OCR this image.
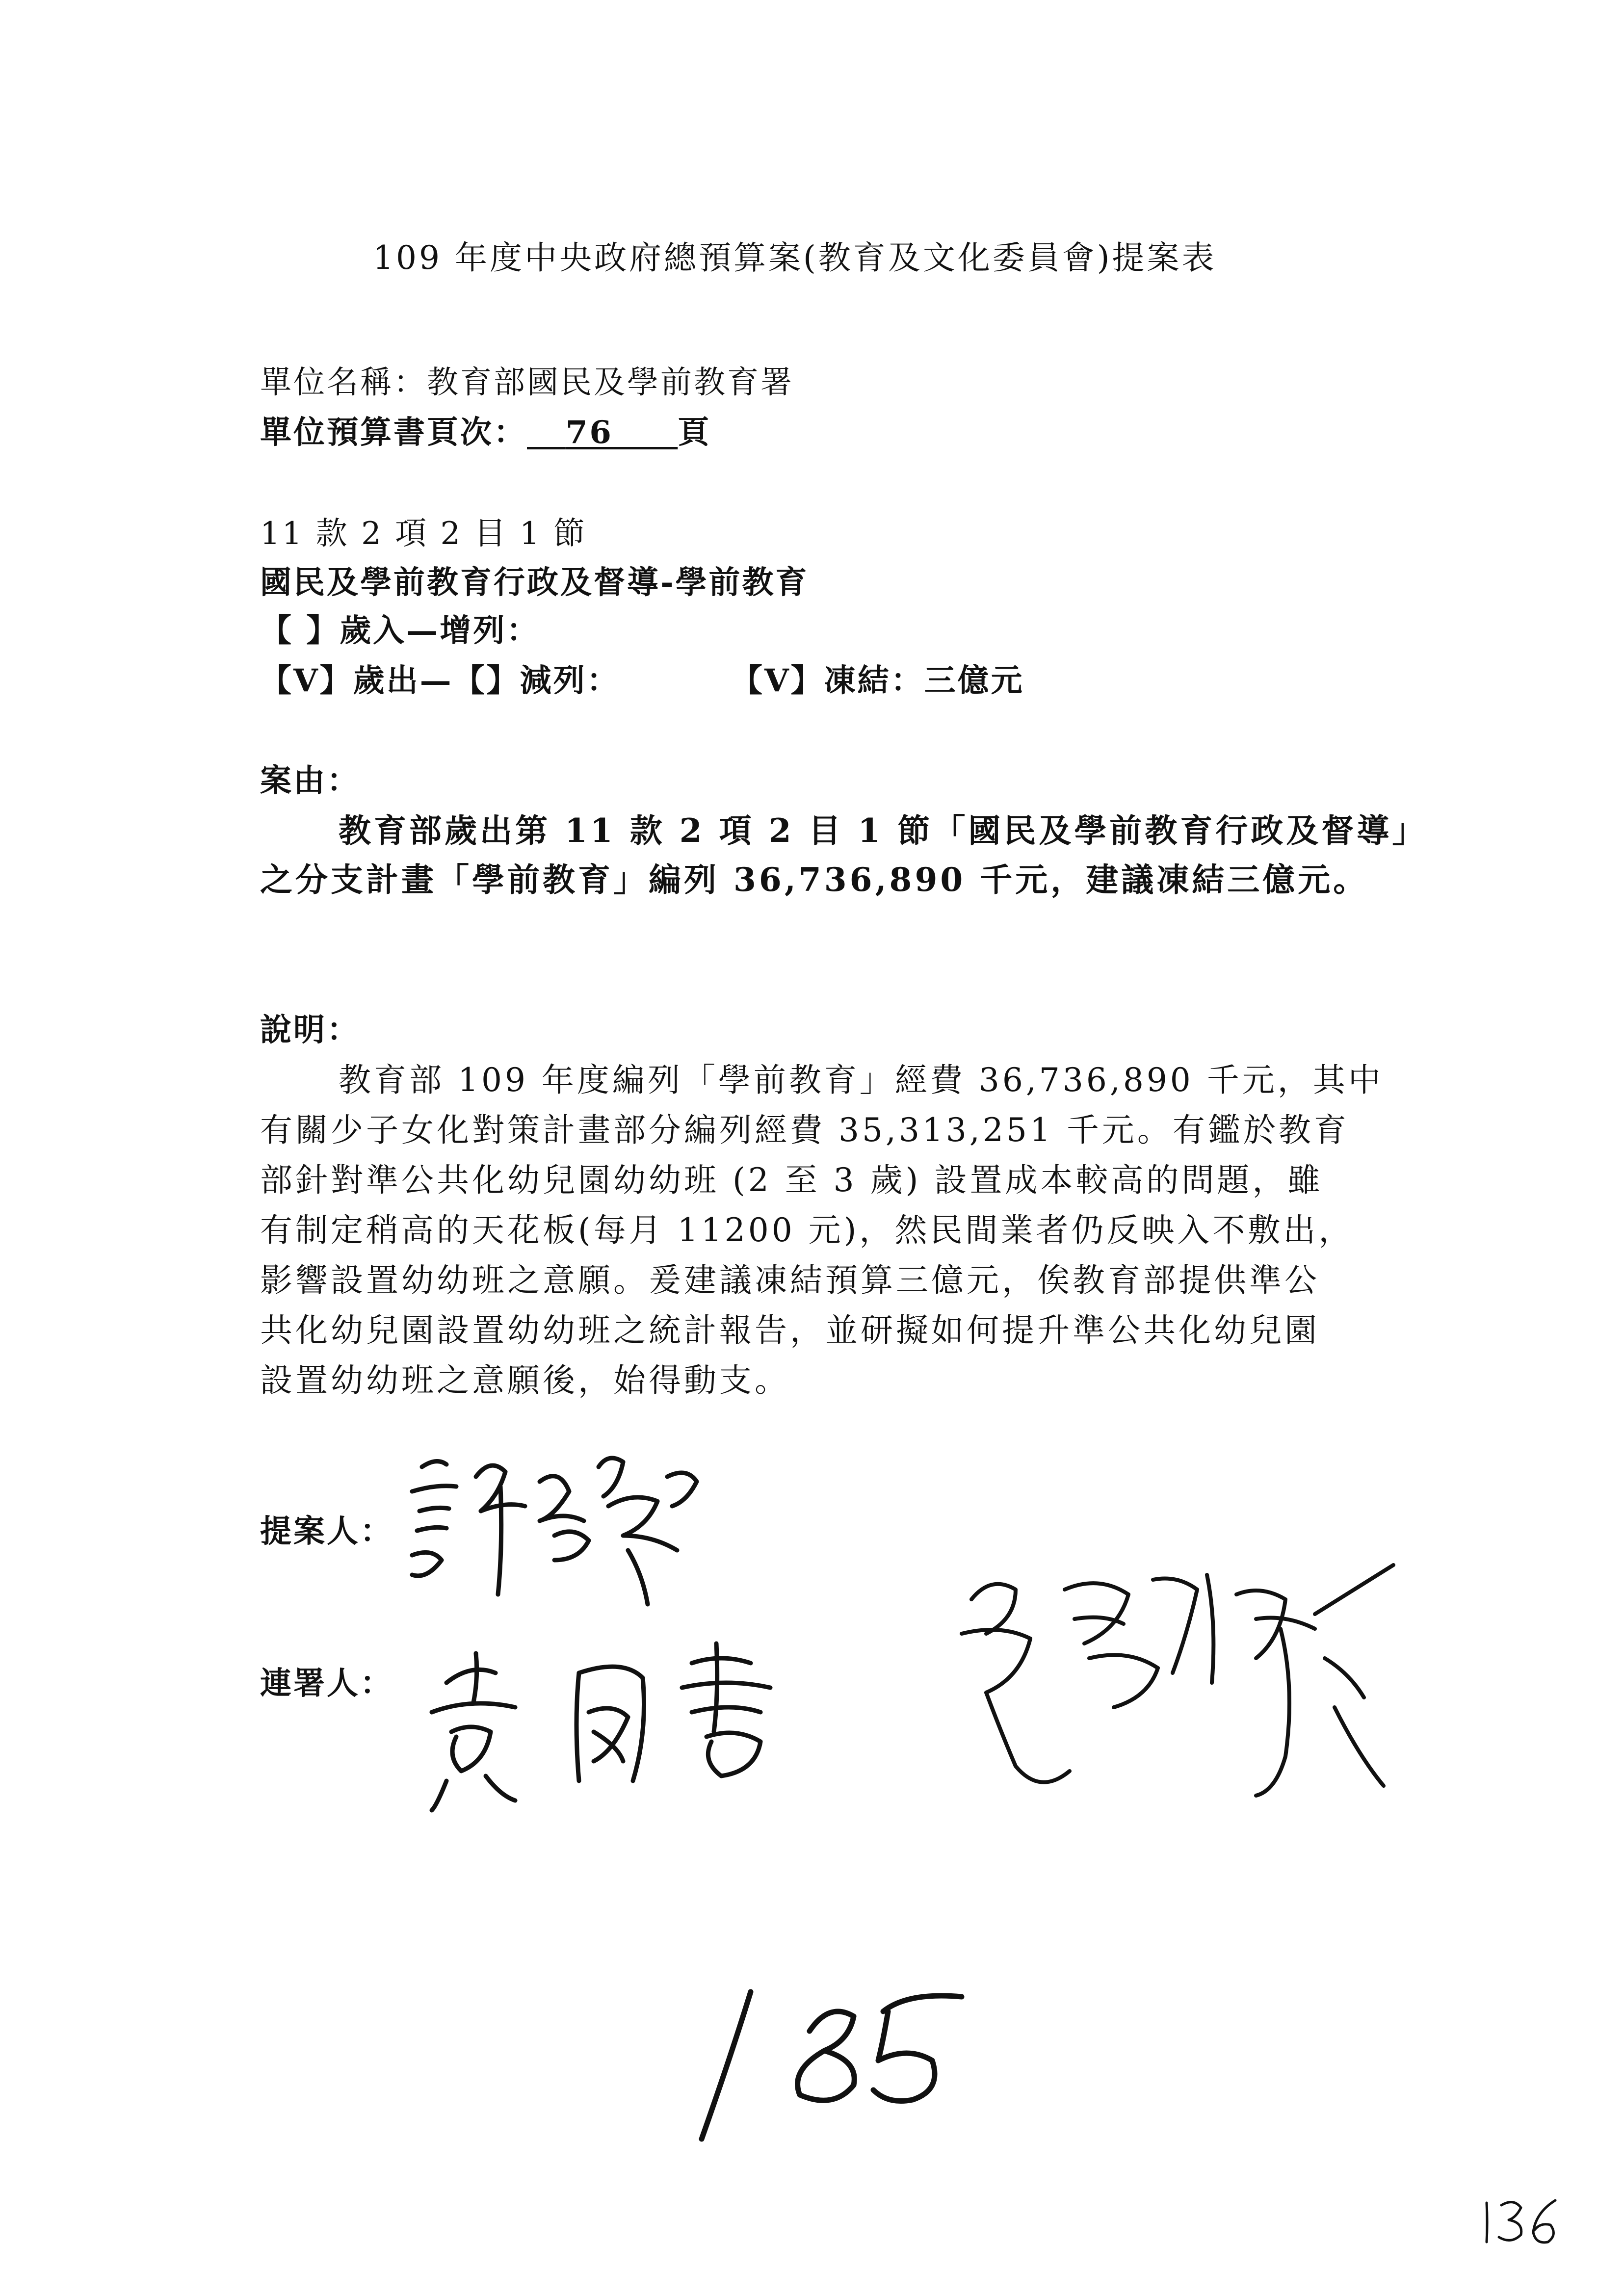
109 年度中央政府總預算案(教育及文化委員會)提案表
單位名稱：教育部國民及學前教育署
單位預算書頁次： 76 頁
11 款 2 項 2 目 1 節
國民及學前教育行政及督導-學前教育
【 】歲入—增列：
【V】歲出—【】減列：	【V】凍結：三億元
案由：
教育部歲出第 11 款 2 項 2 目 1 節「國民及學前教育行政及督導」
之分支計畫「學前教育」編列 36,736,890 千元，建議凍結三億元。
說明：
教育部 109 年度編列「學前教育」經費 36,736,890 千元，其中
有關少子女化對策計畫部分編列經費 35,313,251 千元。有鑑於教育
部針對準公共化幼兒園幼幼班 (2 至 3 歲) 設置成本較高的問題，雖
有制定稍高的天花板(每月 11200 元)，然民間業者仍反映入不敷出，
影響設置幼幼班之意願。爰建議凍結預算三億元，俟教育部提供準公
共化幼兒園設置幼幼班之統計報告，並研擬如何提升準公共化幼兒園
設置幼幼班之意願後，始得動支。
提案人：
連署人：
185
136
